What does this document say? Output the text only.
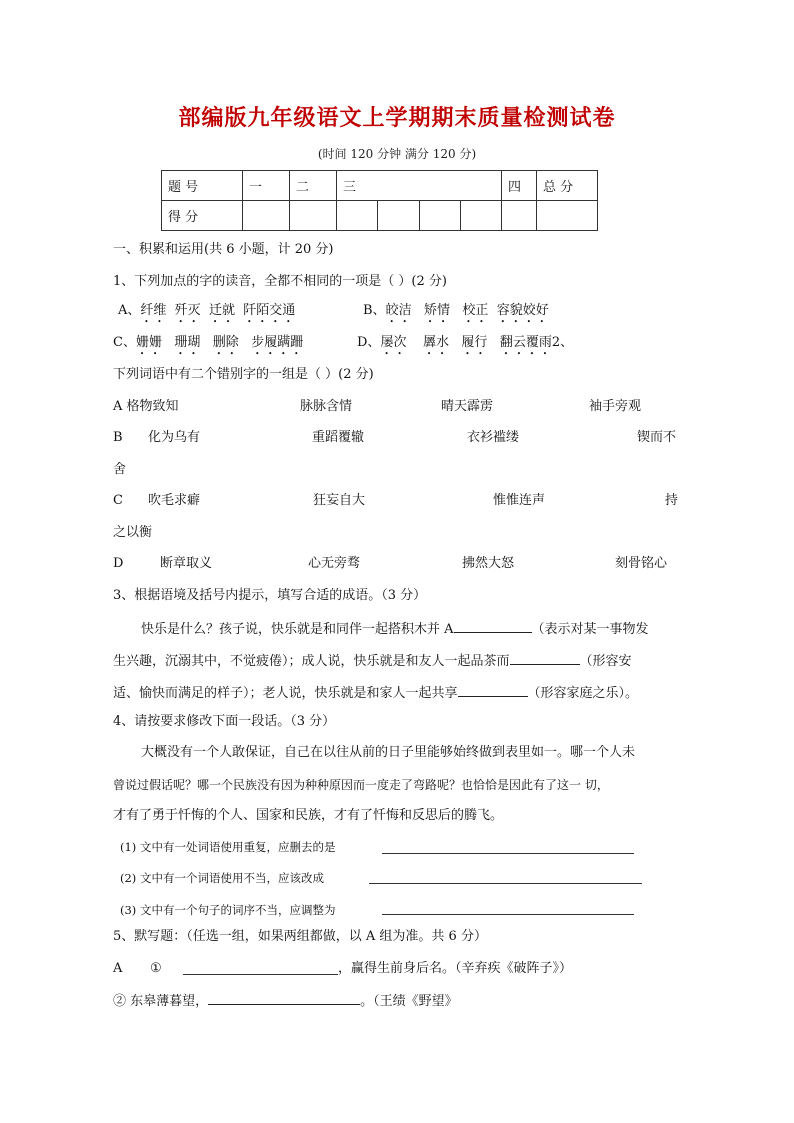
部编版九年级语文上学期期末质量检测试卷
(时间 120 分钟 满分 120 分)
题 号	一	二	三				四	总 分
得 分								
一、积累和运用(共 6 小题，计 20 分)
1、下列加点的字的读音，全都不相同的一项是（ ）(2 分)
A、纤维 歼灭 迁就 阡陌交通	B、皎洁 矫情 校正 容貌姣好
C、姗姗 珊瑚 删除 步履蹒跚	D、屡次 羼水 履行 翻云覆雨2、
下列词语中有二个错别字的一组是（ ）(2 分)
A 格物致知	脉脉含情	晴天霹雳	袖手旁观
B 化为乌有	重蹈覆辙	衣衫褴缕	锲而不
舍
C 吹毛求癖	狂妄自大	惟惟连声	持
之以衡
D	断章取义	心无旁骛	拂然大怒	刻骨铭心
3、根据语境及括号内提示，填写合适的成语。（3 分）
快乐是什么？孩子说，快乐就是和同伴一起搭积木并 A	（表示对某一事物发
生兴趣，沉溺其中，不觉疲倦）；成人说，快乐就是和友人一起品茶而	（形容安
适、愉快而满足的样子）；老人说，快乐就是和家人一起共享	（形容家庭之乐）。
4、请按要求修改下面一段话。（3 分）
大概没有一个人敢保证，自己在以往从前的日子里能够始终做到表里如一。哪一个人未
曾说过假话呢？哪一个民族没有因为种种原因而一度走了弯路呢？也恰恰是因此有了这一 切，
才有了勇于忏悔的个人、国家和民族，才有了忏悔和反思后的腾飞。
(1) 文中有一处词语使用重复，应删去的是
(2) 文中有一个词语使用不当，应该改成
(3) 文中有一个句子的词序不当，应调整为
5、默写题：（任选一组，如果两组都做，以 A 组为准。共 6 分）
A ①	，赢得生前身后名。（辛弃疾《破阵子》）
② 东皋薄暮望，	。（王绩《野望》
